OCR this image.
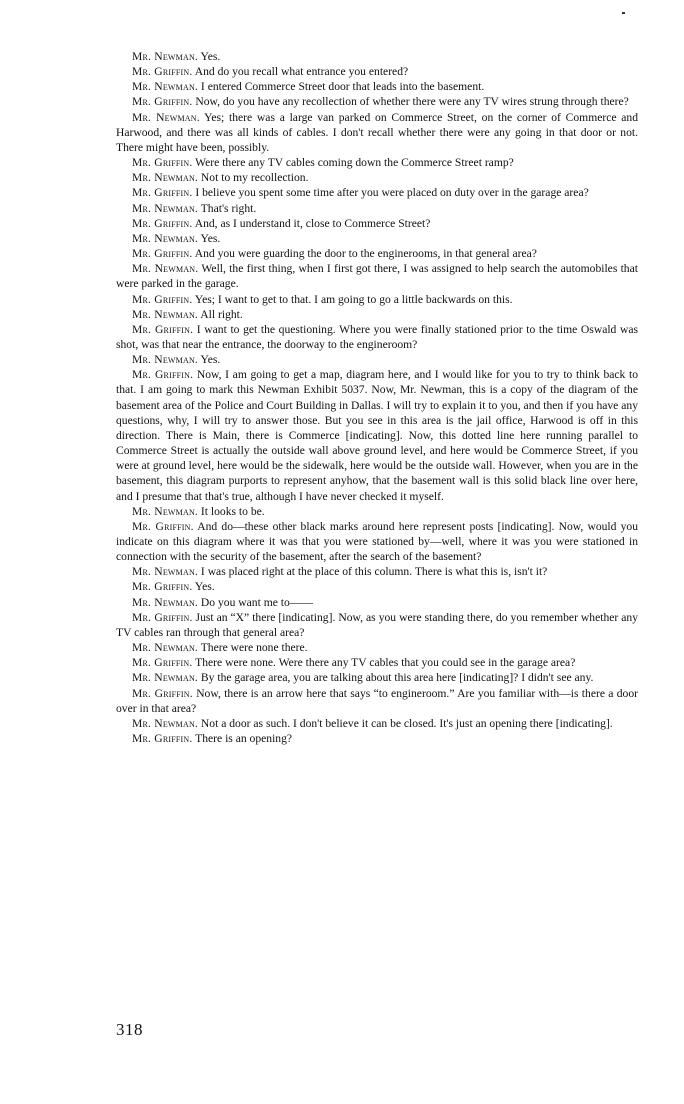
Mr. Newman. Yes.

Mr. Griffin. And do you recall what entrance you entered?

Mr. Newman. I entered Commerce Street door that leads into the basement.

Mr. Griffin. Now, do you have any recollection of whether there were any TV wires strung through there?

Mr. Newman. Yes; there was a large van parked on Commerce Street, on the corner of Commerce and Harwood, and there was all kinds of cables. I don't recall whether there were any going in that door or not. There might have been, possibly.

Mr. Griffin. Were there any TV cables coming down the Commerce Street ramp?

Mr. Newman. Not to my recollection.

Mr. Griffin. I believe you spent some time after you were placed on duty over in the garage area?

Mr. Newman. That's right.

Mr. Griffin. And, as I understand it, close to Commerce Street?

Mr. Newman. Yes.

Mr. Griffin. And you were guarding the door to the enginerooms, in that general area?

Mr. Newman. Well, the first thing, when I first got there, I was assigned to help search the automobiles that were parked in the garage.

Mr. Griffin. Yes; I want to get to that. I am going to go a little backwards on this.

Mr. Newman. All right.

Mr. Griffin. I want to get the questioning. Where you were finally stationed prior to the time Oswald was shot, was that near the entrance, the doorway to the engineroom?

Mr. Newman. Yes.

Mr. Griffin. Now, I am going to get a map, diagram here, and I would like for you to try to think back to that. I am going to mark this Newman Exhibit 5037. Now, Mr. Newman, this is a copy of the diagram of the basement area of the Police and Court Building in Dallas. I will try to explain it to you, and then if you have any questions, why, I will try to answer those. But you see in this area is the jail office, Harwood is off in this direction. There is Main, there is Commerce [indicating]. Now, this dotted line here running parallel to Commerce Street is actually the outside wall above ground level, and here would be Commerce Street, if you were at ground level, here would be the sidewalk, here would be the outside wall. However, when you are in the basement, this diagram purports to represent anyhow, that the basement wall is this solid black line over here, and I presume that that's true, although I have never checked it myself.

Mr. Newman. It looks to be.

Mr. Griffin. And do—these other black marks around here represent posts [indicating]. Now, would you indicate on this diagram where it was that you were stationed by—well, where it was you were stationed in connection with the security of the basement, after the search of the basement?

Mr. Newman. I was placed right at the place of this column. There is what this is, isn't it?

Mr. Griffin. Yes.

Mr. Newman. Do you want me to——

Mr. Griffin. Just an “X” there [indicating]. Now, as you were standing there, do you remember whether any TV cables ran through that general area?

Mr. Newman. There were none there.

Mr. Griffin. There were none. Were there any TV cables that you could see in the garage area?

Mr. Newman. By the garage area, you are talking about this area here [indicating]? I didn't see any.

Mr. Griffin. Now, there is an arrow here that says “to engineroom.” Are you familiar with—is there a door over in that area?

Mr. Newman. Not a door as such. I don't believe it can be closed. It's just an opening there [indicating].

Mr. Griffin. There is an opening?

318
